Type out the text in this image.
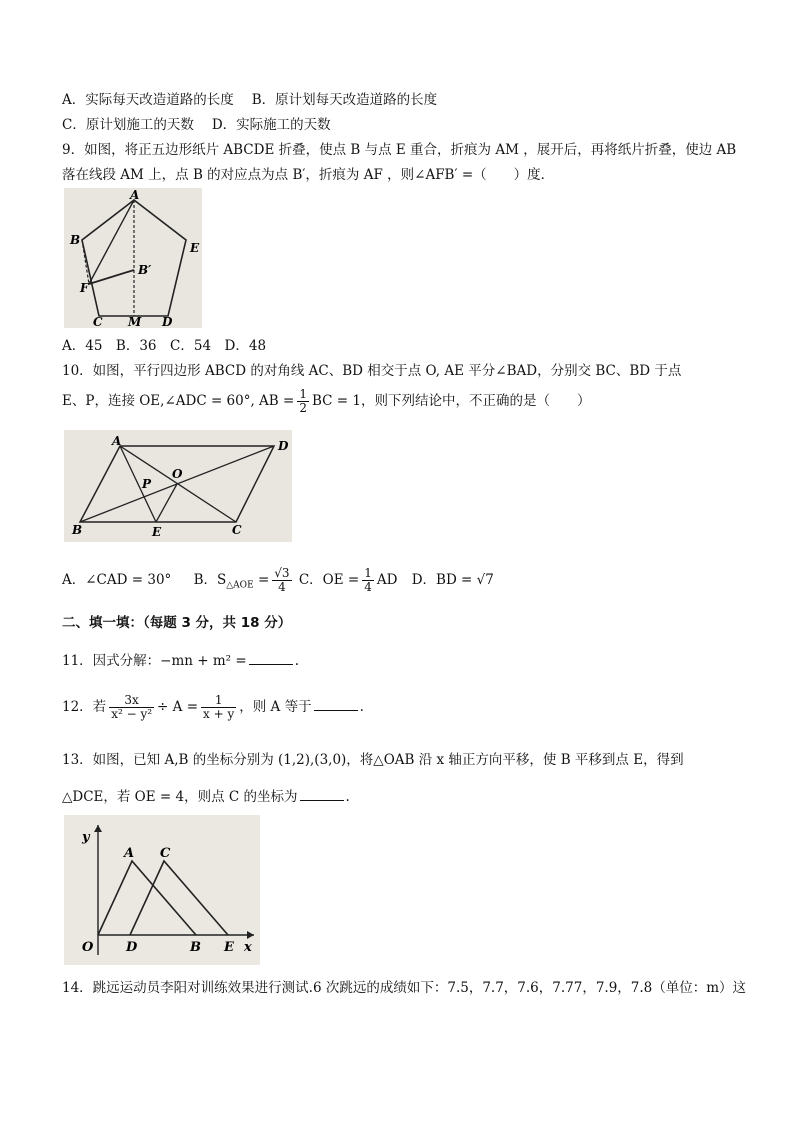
A．实际每天改造道路的长度 B．原计划每天改造道路的长度
C．原计划施工的天数 D．实际施工的天数
9．如图，将正五边形纸片 ABCDE 折叠，使点 B 与点 E 重合，折痕为 AM ，展开后，再将纸片折叠，使边 AB
落在线段 AM 上，点 B 的对应点为点 B′，折痕为 AF ，则∠AFB′ =（　　）度．
A
B
E
B′
F
C M D
A．45　B．36　C．54　D．48
10．如图，平行四边形 ABCD 的对角线 AC、BD 相交于点 O, AE 平分∠BAD，分别交 BC、BD 于点
E、P，连接 OE,∠ADC = 60°, AB = $\frac{1}{2}$ BC = 1，则下列结论中，不正确的是（　　）
A	D
O
P
B	E	C
A．∠CAD = 30° B．$S_{\triangle AOE} = \frac{√3}{4}$ C．OE = $\frac{1}{4}$ AD D．BD = √7
二、填一填：（每题 3 分，共 18 分）
11．因式分解：−mn + m² =	.
12．若 $\frac{3x}{\text{x² − y²}} \div A = \frac{1}{x + y}$ ，则 A 等于	.
13．如图，已知 A,B 的坐标分别为 (1,2),(3,0)，将△OAB 沿 x 轴正方向平移，使 B 平移到点 E，得到
△DCE，若 OE = 4，则点 C 的坐标为	.
y
A C
O	D	B E x
14．跳远运动员李阳对训练效果进行测试.6 次跳远的成绩如下：7.5，7.7，7.6，7.77，7.9，7.8（单位：m）这
